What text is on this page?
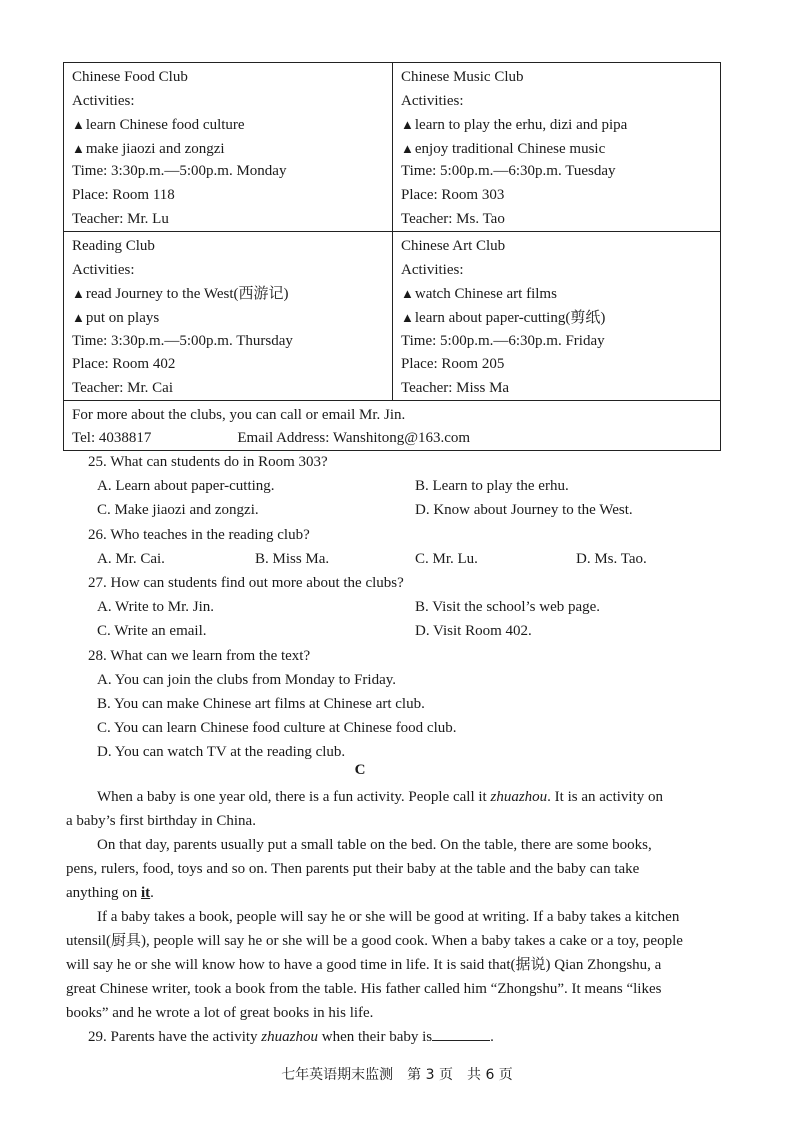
Chinese Food Club
Activities:
▲learn Chinese food culture
▲make jiaozi and zongzi
Time: 3:30p.m.—5:00p.m. Monday
Place: Room 118
Teacher: Mr. Lu
Chinese Music Club
Activities:
▲learn to play the erhu, dizi and pipa
▲enjoy traditional Chinese music
Time: 5:00p.m.—6:30p.m. Tuesday
Place: Room 303
Teacher: Ms. Tao
Reading Club
Activities:
▲read Journey to the West(西游记)
▲put on plays
Time: 3:30p.m.—5:00p.m. Thursday
Place: Room 402
Teacher: Mr. Cai
Chinese Art Club
Activities:
▲watch Chinese art films
▲learn about paper-cutting(剪纸)
Time: 5:00p.m.—6:30p.m. Friday
Place: Room 205
Teacher: Miss Ma
For more about the clubs, you can call or email Mr. Jin.
Tel: 4038817	Email Address: Wanshitong@163.com
25. What can students do in Room 303?
A. Learn about paper-cutting.	B. Learn to play the erhu.
C. Make jiaozi and zongzi.	D. Know about Journey to the West.
26. Who teaches in the reading club?
A. Mr. Cai.	B. Miss Ma.	C. Mr. Lu.	D. Ms. Tao.
27. How can students find out more about the clubs?
A. Write to Mr. Jin.	B. Visit the school’s web page.
C. Write an email.	D. Visit Room 402.
28. What can we learn from the text?
A. You can join the clubs from Monday to Friday.
B. You can make Chinese art films at Chinese art club.
C. You can learn Chinese food culture at Chinese food club.
D. You can watch TV at the reading club.
C
When a baby is one year old, there is a fun activity. People call it zhuazhou. It is an activity on
a baby’s first birthday in China.
On that day, parents usually put a small table on the bed. On the table, there are some books,
pens, rulers, food, toys and so on. Then parents put their baby at the table and the baby can take
anything on it.
If a baby takes a book, people will say he or she will be good at writing. If a baby takes a kitchen
utensil(厨具), people will say he or she will be a good cook. When a baby takes a cake or a toy, people
will say he or she will know how to have a good time in life. It is said that(据说) Qian Zhongshu, a
great Chinese writer, took a book from the table. His father called him “Zhongshu”. It means “likes
books” and he wrote a lot of great books in his life.
29. Parents have the activity zhuazhou when their baby is	.
七年英语期末监测　第 3 页　共 6 页
